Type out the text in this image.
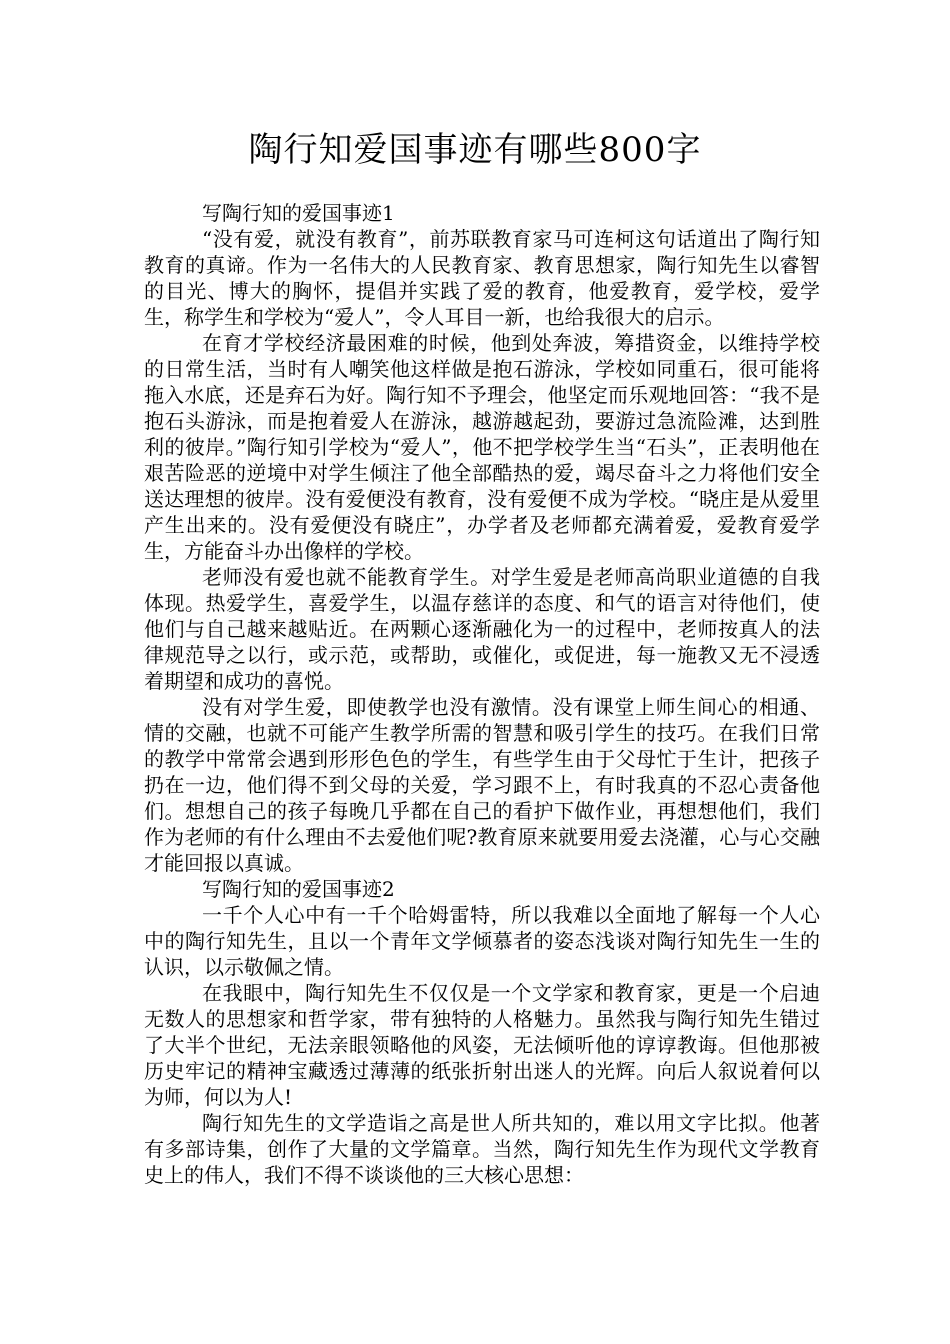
陶行知爱国事迹有哪些800字

写陶行知的爱国事迹1

“没有爱，就没有教育”，前苏联教育家马可连柯这句话道出了陶行知教育的真谛。作为一名伟大的人民教育家、教育思想家，陶行知先生以睿智的目光、博大的胸怀，提倡并实践了爱的教育，他爱教育，爱学校，爱学生，称学生和学校为“爱人”，令人耳目一新，也给我很大的启示。

在育才学校经济最困难的时候，他到处奔波，筹措资金，以维持学校的日常生活，当时有人嘲笑他这样做是抱石游泳，学校如同重石，很可能将拖入水底，还是弃石为好。陶行知不予理会，他坚定而乐观地回答：“我不是抱石头游泳，而是抱着爱人在游泳，越游越起劲，要游过急流险滩，达到胜利的彼岸。”陶行知引学校为“爱人”，他不把学校学生当“石头”，正表明他在艰苦险恶的逆境中对学生倾注了他全部酷热的爱，竭尽奋斗之力将他们安全送达理想的彼岸。没有爱便没有教育，没有爱便不成为学校。“晓庄是从爱里产生出来的。没有爱便没有晓庄”，办学者及老师都充满着爱，爱教育爱学生，方能奋斗办出像样的学校。

老师没有爱也就不能教育学生。对学生爱是老师高尚职业道德的自我体现。热爱学生，喜爱学生，以温存慈详的态度、和气的语言对待他们，使他们与自己越来越贴近。在两颗心逐渐融化为一的过程中，老师按真人的法律规范导之以行，或示范，或帮助，或催化，或促进，每一施教又无不浸透着期望和成功的喜悦。

没有对学生爱，即使教学也没有激情。没有课堂上师生间心的相通、情的交融，也就不可能产生教学所需的智慧和吸引学生的技巧。在我们日常的教学中常常会遇到形形色色的学生，有些学生由于父母忙于生计，把孩子扔在一边，他们得不到父母的关爱，学习跟不上，有时我真的不忍心责备他们。想想自己的孩子每晚几乎都在自己的看护下做作业，再想想他们，我们作为老师的有什么理由不去爱他们呢?教育原来就要用爱去浇灌，心与心交融才能回报以真诚。

写陶行知的爱国事迹2

一千个人心中有一千个哈姆雷特，所以我难以全面地了解每一个人心中的陶行知先生，且以一个青年文学倾慕者的姿态浅谈对陶行知先生一生的认识，以示敬佩之情。

在我眼中，陶行知先生不仅仅是一个文学家和教育家，更是一个启迪无数人的思想家和哲学家，带有独特的人格魅力。虽然我与陶行知先生错过了大半个世纪，无法亲眼领略他的风姿，无法倾听他的谆谆教诲。但他那被历史牢记的精神宝藏透过薄薄的纸张折射出迷人的光辉。向后人叙说着何以为师，何以为人!

陶行知先生的文学造诣之高是世人所共知的，难以用文字比拟。他著有多部诗集，创作了大量的文学篇章。当然，陶行知先生作为现代文学教育史上的伟人，我们不得不谈谈他的三大核心思想：
